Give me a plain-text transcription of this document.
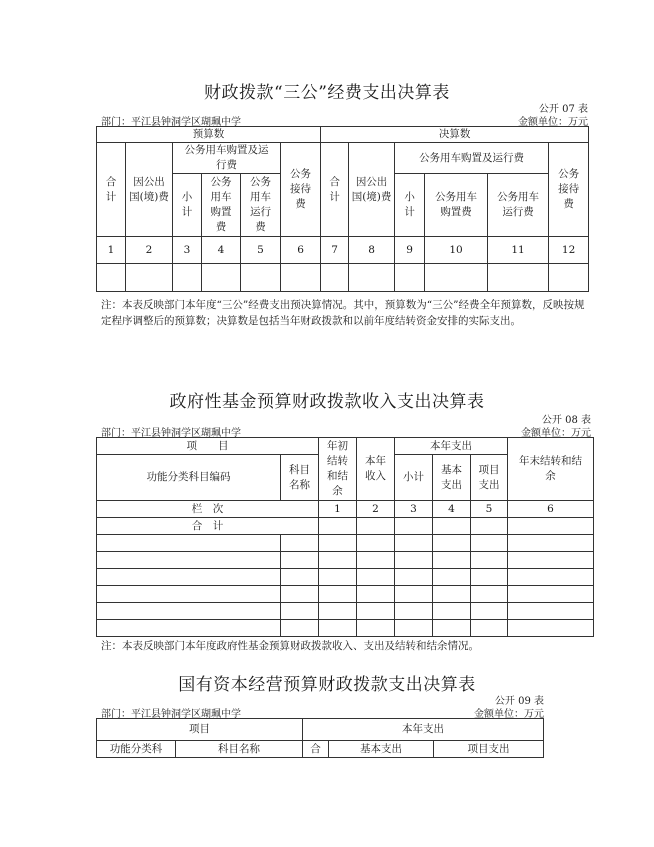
财政拨款“三公”经费支出决算表
公开 07 表
部门：平江县钟洞学区瑚珮中学	金额单位：万元
预算数						决算数					

合计	因公出国(境)费	公务用车购置及运行费			公务接待费	合计	因公出国(境)费	公务用车购置及运行费			公务接待费

		小计	公务用车购置费	公务用车运行费				小计	公务用车购置费	公务用车运行费	

1	2	3	4	5	6	7	8	9	10	11	12

注：本表反映部门本年度“三公”经费支出预决算情况。其中，预算数为“三公”经费全年预算数，反映按规定程序调整后的预算数；决算数是包括当年财政拨款和以前年度结转资金安排的实际支出。
政府性基金预算财政拨款收入支出决算表
公开 08 表
部门：平江县钟洞学区瑚珮中学	金额单位：万元
项　　目		年初结转和结余	本年收入	本年支出			年末结转和结余

功能分类科目编码	科目名称			小计	基本支出	项目支出	

栏　次		1	2	3	4	5	6
合　计							

注：本表反映部门本年度政府性基金预算财政拨款收入、支出及结转和结余情况。
国有资本经营预算财政拨款支出决算表
公开 09 表
部门：平江县钟洞学区瑚珮中学	金额单位：万元
项目		本年支出		
功能分类科	科目名称	合	基本支出	项目支出
